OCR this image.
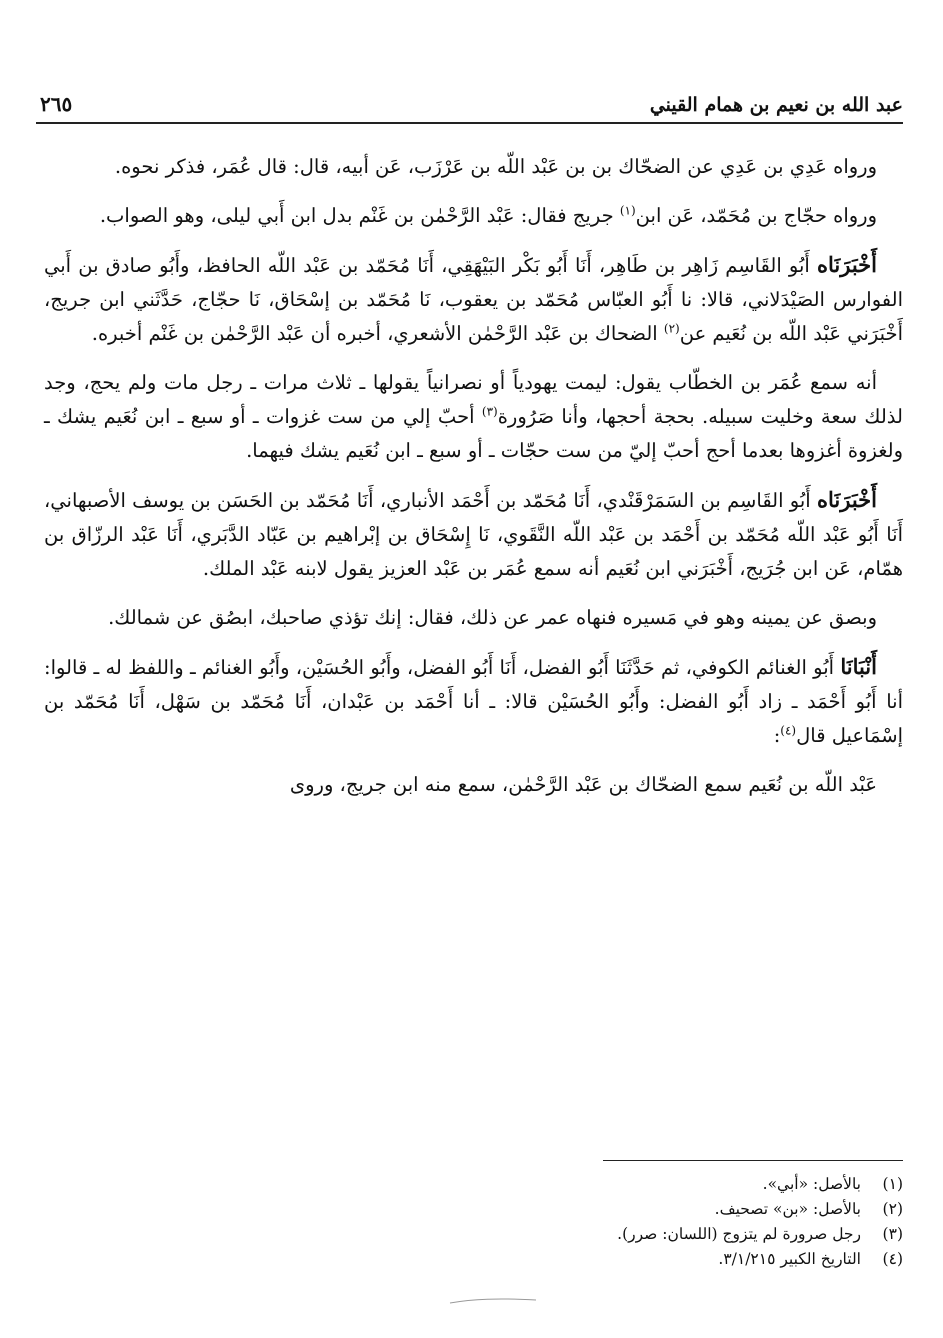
عبد الله بن نعيم بن همام القيني
٢٦٥

ورواه عَدِي بن عَدِي عن الضحّاك بن بن عَبْد اللّه بن عَرْزَب، عَن أبيه، قال: قال عُمَر، فذكر نحوه.

ورواه حجّاج بن مُحَمّد، عَن ابن$^{(١)}$ جريج فقال: عَبْد الرَّحْمٰن بن غَنْم بدل ابن أَبي ليلى، وهو الصواب.

أَخْبَرَنَاه أَبُو القَاسِم زَاهِر بن طَاهِر، أَنَا أَبُو بَكْر البَيْهَقِي، أَنَا مُحَمّد بن عَبْد اللّه الحافظ، وأَبُو صادق بن أَبي الفوارس الصَيْدَلاني، قالا: نا أَبُو العبّاس مُحَمّد بن يعقوب، نَا مُحَمّد بن إسْحَاق، نَا حجّاج، حَدَّثَني ابن جريج، أَخْبَرَني عَبْد اللّه بن نُعَيم عن$^{(٢)}$ الضحاك بن عَبْد الرَّحْمٰن الأشعري، أخبره أن عَبْد الرَّحْمٰن بن غَنْم أخبره.

أنه سمع عُمَر بن الخطّاب يقول: ليمت يهودياً أو نصرانياً يقولها ـ ثلاث مرات ـ رجل مات ولم يحج، وجد لذلك سعة وخليت سبيله. بحجة أحجها، وأنا صَرُورة$^{(٣)}$ أحبّ إلي من ست غزوات ـ أو سبع ـ ابن نُعَيم يشك ـ ولغزوة أغزوها بعدما أحج أحبّ إليّ من ست حجّات ـ أو سبع ـ ابن نُعَيم يشك فيهما.

أَخْبَرَنَاه أَبُو القَاسِم بن السَمَرْقَنْدي، أَنَا مُحَمّد بن أَحْمَد الأنباري، أَنَا مُحَمّد بن الحَسَن بن يوسف الأصبهاني، أَنَا أَبُو عَبْد اللّه مُحَمّد بن أَحْمَد بن عَبْد اللّه النَّقَوي، نَا إِسْحَاق بن إبْراهيم بن عَبّاد الدَّبَري، أَنَا عَبْد الرزّاق بن همّام، عَن ابن جُرَيج، أَخْبَرَني ابن نُعَيم أنه سمع عُمَر بن عَبْد العزيز يقول لابنه عَبْد الملك.

وبصق عن يمينه وهو في مَسيره فنهاه عمر عن ذلك، فقال: إنك تؤذي صاحبك، ابصُق عن شمالك.

أَنْبَانَا أَبُو الغنائم الكوفي، ثم حَدَّثَنَا أَبُو الفضل، أَنَا أَبُو الفضل، وأَبُو الحُسَيْن، وأَبُو الغنائم ـ واللفظ له ـ قالوا: أنا أَبُو أَحْمَد ـ زاد أَبُو الفضل: وأَبُو الحُسَيْن قالا: ـ أنا أَحْمَد بن عَبْدان، أَنَا مُحَمّد بن سَهْل، أَنَا مُحَمّد بن إسْمَاعيل قال$^{(٤)}$:

عَبْد اللّه بن نُعَيم سمع الضحّاك بن عَبْد الرَّحْمٰن، سمع منه ابن جريج، وروى

(١)
بالأصل: «أبي».
(٢)
بالأصل: «بن» تصحيف.
(٣)
رجل صرورة لم يتزوج (اللسان: صرر).
(٤)
التاريخ الكبير ٣/١/٢١٥.
